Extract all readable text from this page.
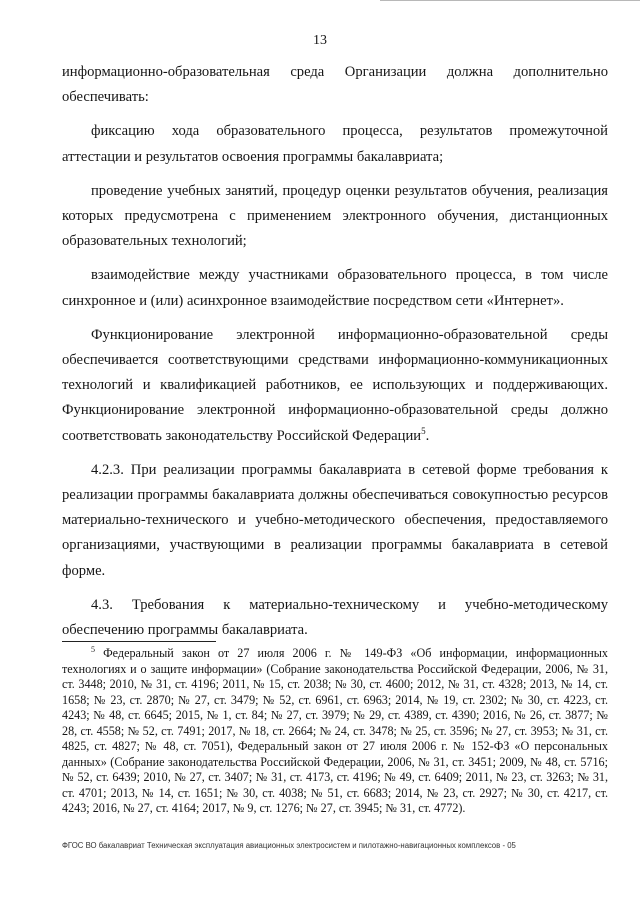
13

информационно-образовательная среда Организации должна дополнительно обеспечивать:

фиксацию хода образовательного процесса, результатов промежуточной аттестации и результатов освоения программы бакалавриата;

проведение учебных занятий, процедур оценки результатов обучения, реализация которых предусмотрена с применением электронного обучения, дистанционных образовательных технологий;

взаимодействие между участниками образовательного процесса, в том числе синхронное и (или) асинхронное взаимодействие посредством сети «Интернет».

Функционирование электронной информационно-образовательной среды обеспечивается соответствующими средствами информационно-коммуникационных технологий и квалификацией работников, ее использующих и поддерживающих. Функционирование электронной информационно-образовательной среды должно соответствовать законодательству Российской Федерации$^5$.

4.2.3. При реализации программы бакалавриата в сетевой форме требования к реализации программы бакалавриата должны обеспечиваться совокупностью ресурсов материально-технического и учебно-методического обеспечения, предоставляемого организациями, участвующими в реализации программы бакалавриата в сетевой форме.

4.3. Требования к материально-техническому и учебно-методическому обеспечению программы бакалавриата.

$^5$ Федеральный закон от 27 июля 2006 г. № 149-ФЗ «Об информации, информационных технологиях и о защите информации» (Собрание законодательства Российской Федерации, 2006, № 31, ст. 3448; 2010, № 31, ст. 4196; 2011, № 15, ст. 2038; № 30, ст. 4600; 2012, № 31, ст. 4328; 2013, № 14, ст. 1658; № 23, ст. 2870; № 27, ст. 3479; № 52, ст. 6961, ст. 6963; 2014, № 19, ст. 2302; № 30, ст. 4223, ст. 4243; № 48, ст. 6645; 2015, № 1, ст. 84; № 27, ст. 3979; № 29, ст. 4389, ст. 4390; 2016, № 26, ст. 3877; № 28, ст. 4558; № 52, ст. 7491; 2017, № 18, ст. 2664; № 24, ст. 3478; № 25, ст. 3596; № 27, ст. 3953; № 31, ст. 4825, ст. 4827; № 48, ст. 7051), Федеральный закон от 27 июля 2006 г. № 152-ФЗ «О персональных данных» (Собрание законодательства Российской Федерации, 2006, № 31, ст. 3451; 2009, № 48, ст. 5716; № 52, ст. 6439; 2010, № 27, ст. 3407; № 31, ст. 4173, ст. 4196; № 49, ст. 6409; 2011, № 23, ст. 3263; № 31, ст. 4701; 2013, № 14, ст. 1651; № 30, ст. 4038; № 51, ст. 6683; 2014, № 23, ст. 2927; № 30, ст. 4217, ст. 4243; 2016, № 27, ст. 4164; 2017, № 9, ст. 1276; № 27, ст. 3945; № 31, ст. 4772).

ФГОС ВО бакалавриат Техническая эксплуатация авиационных электросистем и пилотажно-навигационных комплексов - 05
